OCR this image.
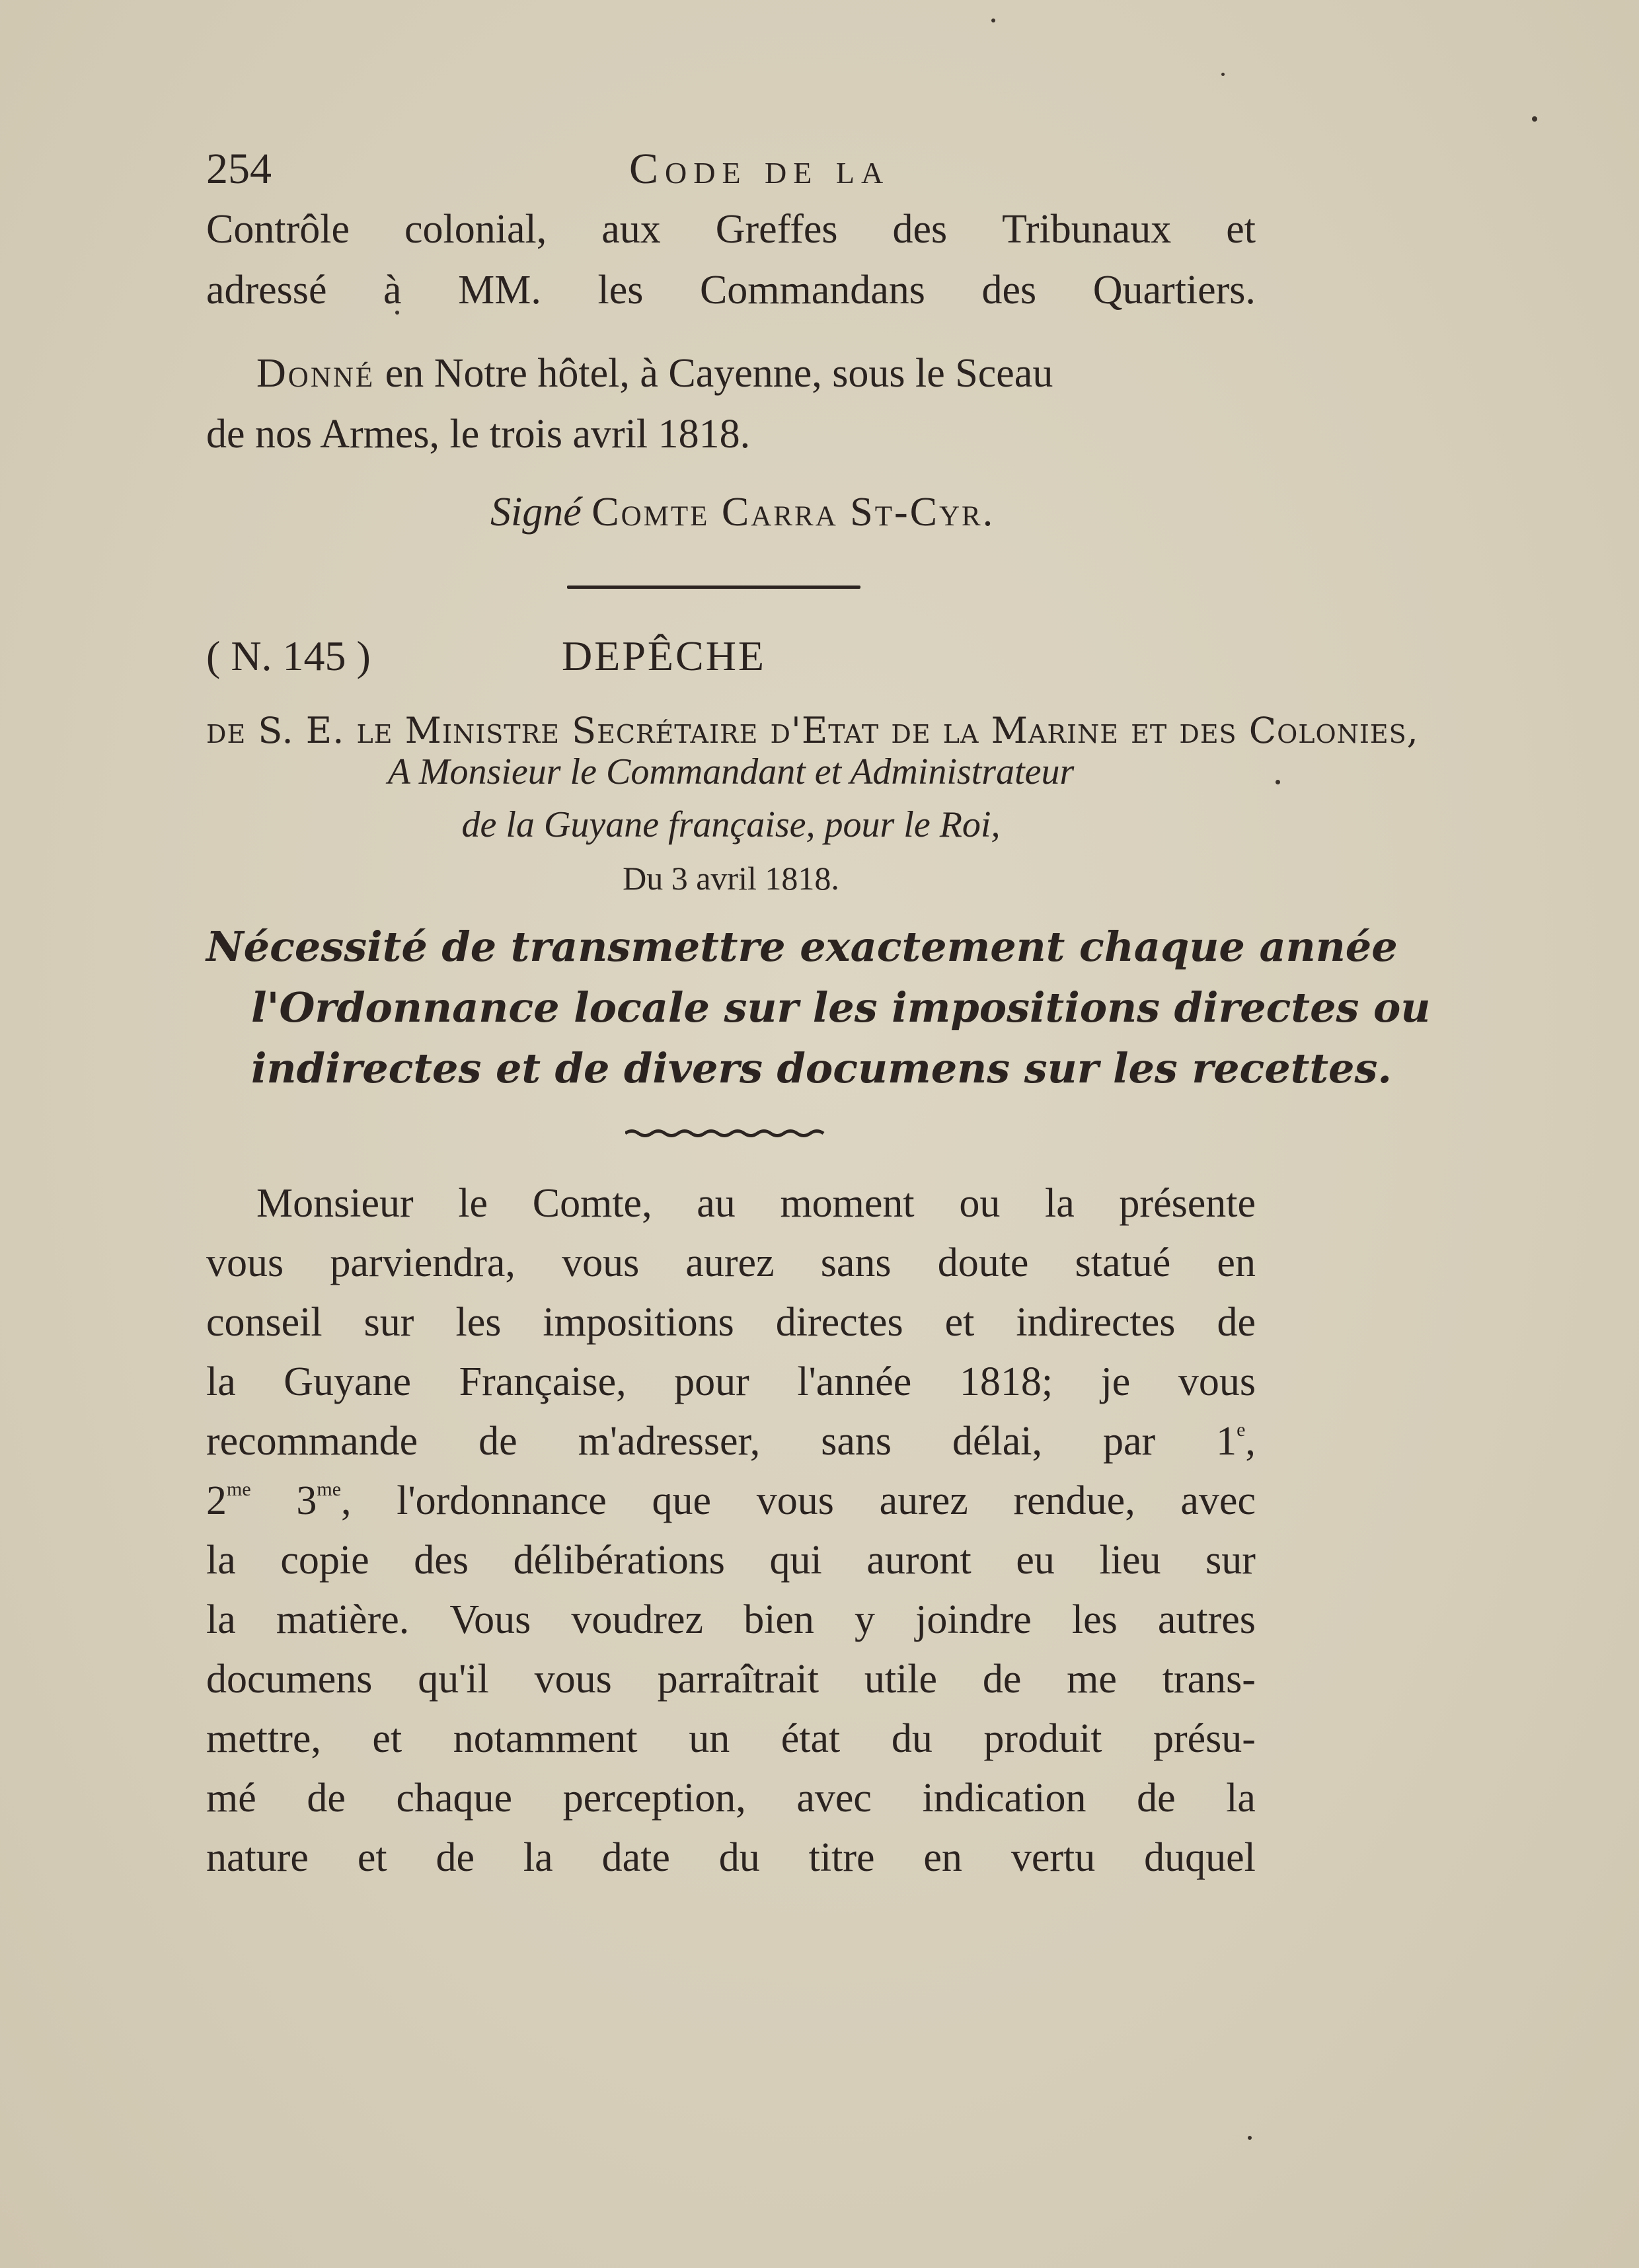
254	Code de la
Contrôle colonial, aux Greffes des Tribunaux et
adressé à MM. les Commandans des Quartiers.
Donné en Notre hôtel, à Cayenne, sous le Sceau
de nos Armes, le trois avril 1818.
Signé Comte Carra St-Cyr.
( N. 145 )	DEPÊCHE
de S. E. le Ministre Secrétaire d'Etat de la Marine et des Colonies,
A Monsieur le Commandant et Administrateur
de la Guyane française, pour le Roi,
Du 3 avril 1818.
Nécessité de transmettre exactement chaque année
l'Ordonnance locale sur les impositions directes ou
indirectes et de divers documens sur les recettes.
Monsieur le Comte, au moment ou la présente
vous parviendra, vous aurez sans doute statué en
conseil sur les impositions directes et indirectes de
la Guyane Française, pour l'année 1818; je vous
recommande de m'adresser, sans délai, par 1e,
$2^{me}$ $3^{me}$, l'ordonnance que vous aurez rendue, avec
la copie des délibérations qui auront eu lieu sur
la matière. Vous voudrez bien y joindre les autres
documens qu'il vous parraîtrait utile de me trans-
mettre, et notamment un état du produit présu-
mé de chaque perception, avec indication de la
nature et de la date du titre en vertu duquel
